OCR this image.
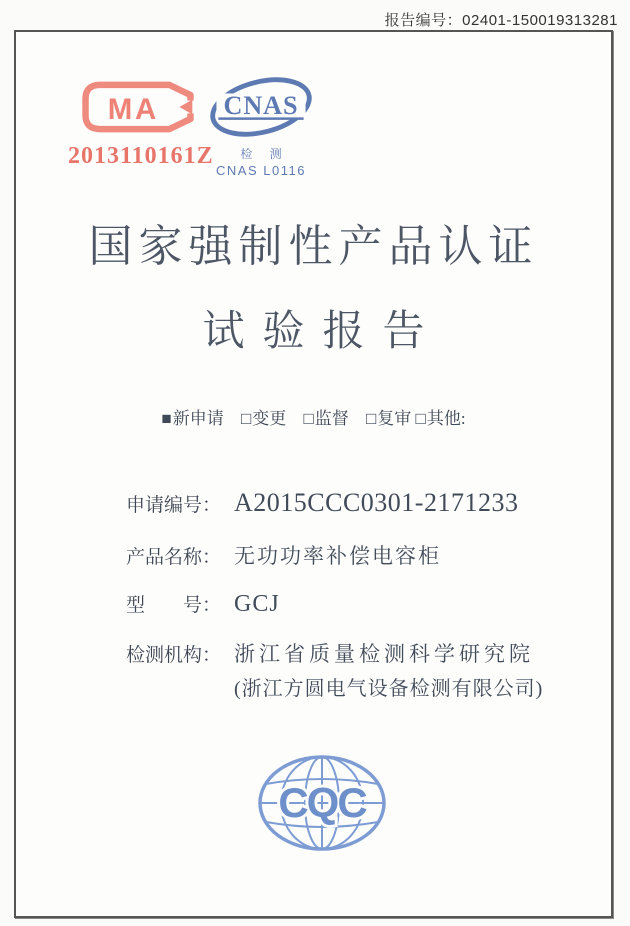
报告编号：02401-150019313281
MA
2013110161Z
CNAS
检 测
CNAS L0116
国家强制性产品认证
试验报告
■新申请 □变更 □监督 □复审 □其他:
申请编号： A2015CCC0301-2171233
产品名称： 无功功率补偿电容柜
型　　号： GCJ
检测机构： 浙江省质量检测科学研究院
(浙江方圆电气设备检测有限公司)
CQC
